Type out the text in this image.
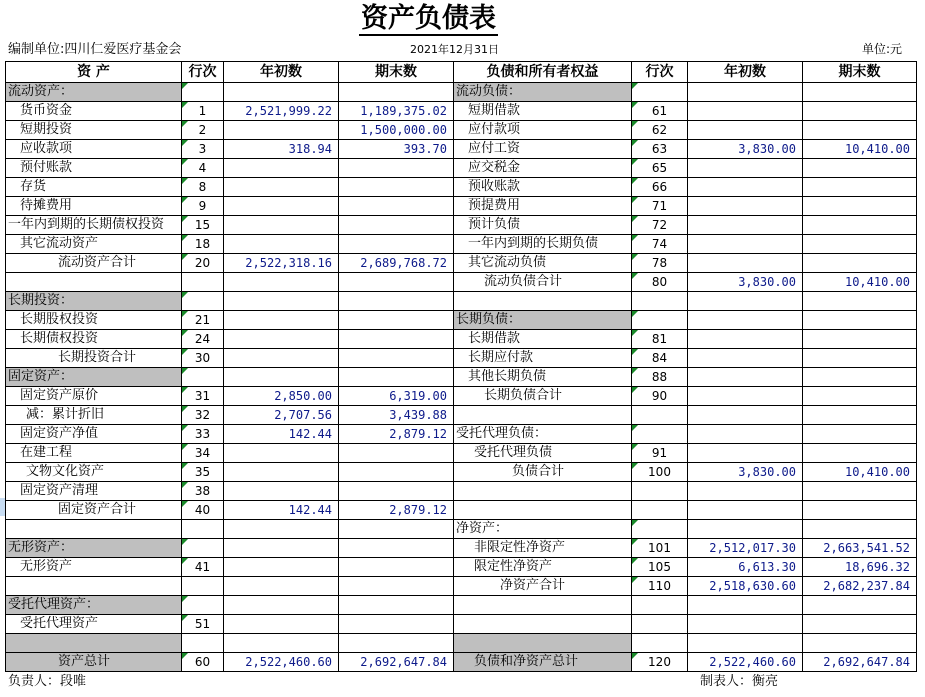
资产负债表
编制单位:四川仁爱医疗基金会	2021年12月31日	单位:元
资 产	行次	年初数	期末数	负债和所有者权益	行次	年初数	期末数
流动资产：				流动负债：			
货币资金	1	2,521,999.22	1,189,375.02	短期借款	61		
短期投资	2		1,500,000.00	应付款项	62		
应收款项	3	318.94	393.70	应付工资	63	3,830.00	10,410.00
预付账款	4			应交税金	65		
存货	8			预收账款	66		
待摊费用	9			预提费用	71		
一年内到期的长期债权投资	15			预计负债	72		
其它流动资产	18			一年内到期的长期负债	74		
流动资产合计	20	2,522,318.16	2,689,768.72	其它流动负债	78		
				流动负债合计	80	3,830.00	10,410.00
长期投资：							
长期股权投资	21			长期负债：			
长期债权投资	24			长期借款	81		
长期投资合计	30			长期应付款	84		
固定资产：				其他长期负债	88		
固定资产原价	31	2,850.00	6,319.00	长期负债合计	90		
减：累计折旧	32	2,707.56	3,439.88				
固定资产净值	33	142.44	2,879.12	受托代理负债：			
在建工程	34			受托代理负债	91		
文物文化资产	35			负债合计	100	3,830.00	10,410.00
固定资产清理	38						
固定资产合计	40	142.44	2,879.12				
				净资产：			
无形资产：				非限定性净资产	101	2,512,017.30	2,663,541.52
无形资产	41			限定性净资产	105	6,613.30	18,696.32
				净资产合计	110	2,518,630.60	2,682,237.84
受托代理资产：							
受托代理资产	51						

资产总计	60	2,522,460.60	2,692,647.84	负债和净资产总计	120	2,522,460.60	2,692,647.84
负责人：段唯	制表人：衡亮
